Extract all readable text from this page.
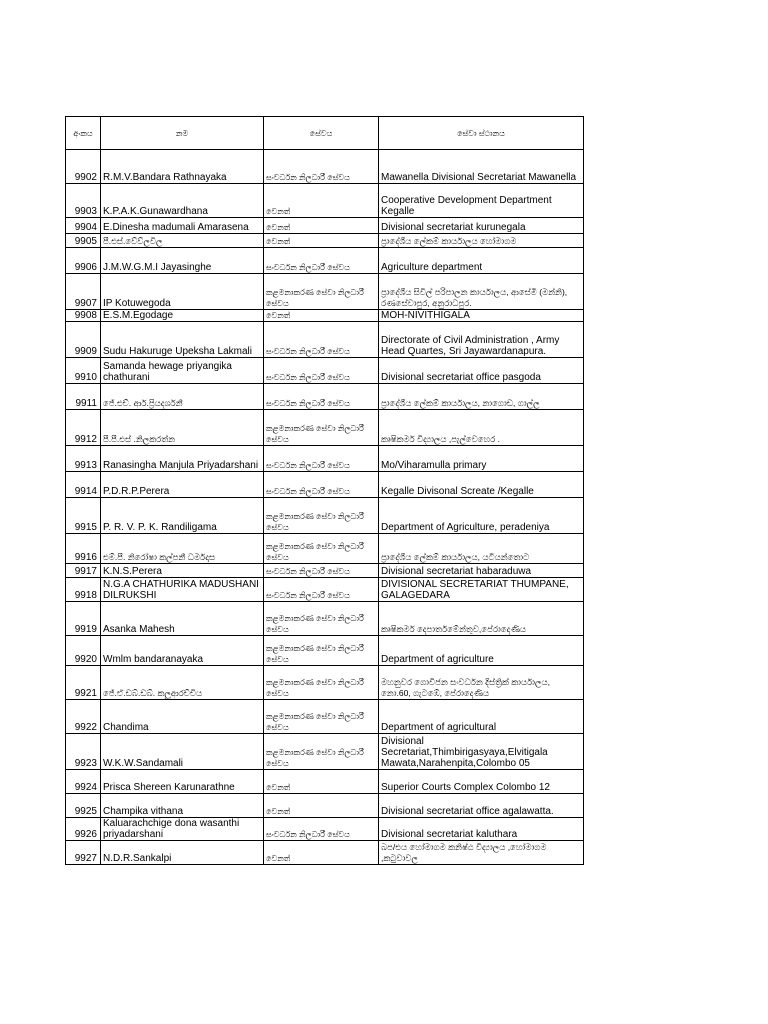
අංකය	නම	සේවය	සේවා ස්ථානය
9902	R.M.V.Bandara Rathnayaka	සංවර්ධන නිලධාරී සේවය	Mawanella Divisional Secretariat Mawanella
9903	K.P.A.K.Gunawardhana	වෙනත්	Cooperative Development Department Kegalle
9904	E.Dinesha madumali Amarasena	වෙනත්	Divisional secretariat kurunegala
9905	පී.එස්.වේව්ලවිල	වෙනත්	ප්‍රාදේශීය ලේකම් කාර්යාලය හෝමාගම
9906	J.M.W.G.M.I Jayasinghe	සංවර්ධන නිලධාරී සේවය	Agriculture department
9907	IP Kotuwegoda	කළමනාකරණ සේවා නිලධාරී සේවය	ප්‍රාදේශීය සිවිල් පරිපාලන කාර්යාලය, ආසේමි (මන්නි), රණසේවාපුර, අනුරාධපුර.
9908	E.S.M.Egodage	වෙනත්	MOH-NIVITHIGALA
9909	Sudu Hakuruge Upeksha Lakmali	සංවර්ධන නිලධාරී සේවය	Directorate of Civil Administration , Army Head Quartes, Sri Jayawardanapura.
9910	Samanda hewage priyangika chathurani	සංවර්ධන නිලධාරී සේවය	Divisional secretariat office pasgoda
9911	ජේ.එච්. ආර්.ප්‍රියදර්ශනී	සංවර්ධන නිලධාරී සේවය	ප්‍රාදේශීය ලේකම් කාර්යාලය, නාගොඩ, ගාල්ල
9912	පී.පී.එස් .නිලකරත්න	කළමනාකරණ සේවා නිලධාරී සේවය	කෘෂිකර්ම විද්‍යාලය ,පැල්වෙහෙර .
9913	Ranasingha Manjula Priyadarshani	සංවර්ධන නිලධාරී සේවය	Mo/Viharamulla primary
9914	P.D.R.P.Perera	සංවර්ධන නිලධාරී සේවය	Kegalle Divisonal Screate /Kegalle
9915	P. R. V. P. K. Randiligama	කළමනාකරණ සේවා නිලධාරී සේවය	Department of Agriculture, peradeniya
9916	එම්.පී. නිරෝෂා කල්පනී ධර්මදාස	කළමනාකරණ සේවා නිලධාරී සේවය	ප්‍රාදේශීය ලේකම් කාර්යාලය, යටියන්තොට
9917	K.N.S.Perera	සංවර්ධන නිලධාරී සේවය	Divisional secretariat habaraduwa
9918	N.G.A CHATHURIKA MADUSHANI DILRUKSHI	සංවර්ධන නිලධාරී සේවය	DIVISIONAL SECRETARIAT THUMPANE, GALAGEDARA
9919	Asanka Mahesh	කළමනාකරණ සේවා නිලධාරී සේවය	කෘෂිකර්ම දෙපාර්තමේන්තුව,පේරාදෙණිය
9920	Wmlm bandaranayaka	කළමනාකරණ සේවා නිලධාරී සේවය	Department of agriculture
9921	ජේ.ඒ.ඩබ්.ඩබ්. කලුආරච්චිය	කළමනාකරණ සේවා නිලධාරී සේවය	මහනුවර ගොවිජන සංවර්ධන දිස්ත්‍රික් කාර්යාලය, නො.60, ගැටඹේ, පේරාදෙණිය
9922	Chandima	කළමනාකරණ සේවා නිලධාරී සේවය	Department of agricultural
9923	W.K.W.Sandamali	කළමනාකරණ සේවා නිලධාරී සේවය	Divisional Secretariat,Thimbirigasyaya,Elvitigala Mawata,Narahenpita,Colombo 05
9924	Prisca Shereen Karunarathne	වෙනත්	Superior Courts Complex Colombo 12
9925	Champika vithana	වෙනත්	Divisional secretariat office agalawatta.
9926	Kaluarachchige dona wasanthi priyadarshani	සංවර්ධන නිලධාරී සේවය	Divisional secretariat kaluthara
9927	N.D.R.Sankalpi	වෙනත්	බප/එය හෝමාගම කනිෂ්ඨ විද්‍යාලය ,හෝමාගම ,කටුවාවල
